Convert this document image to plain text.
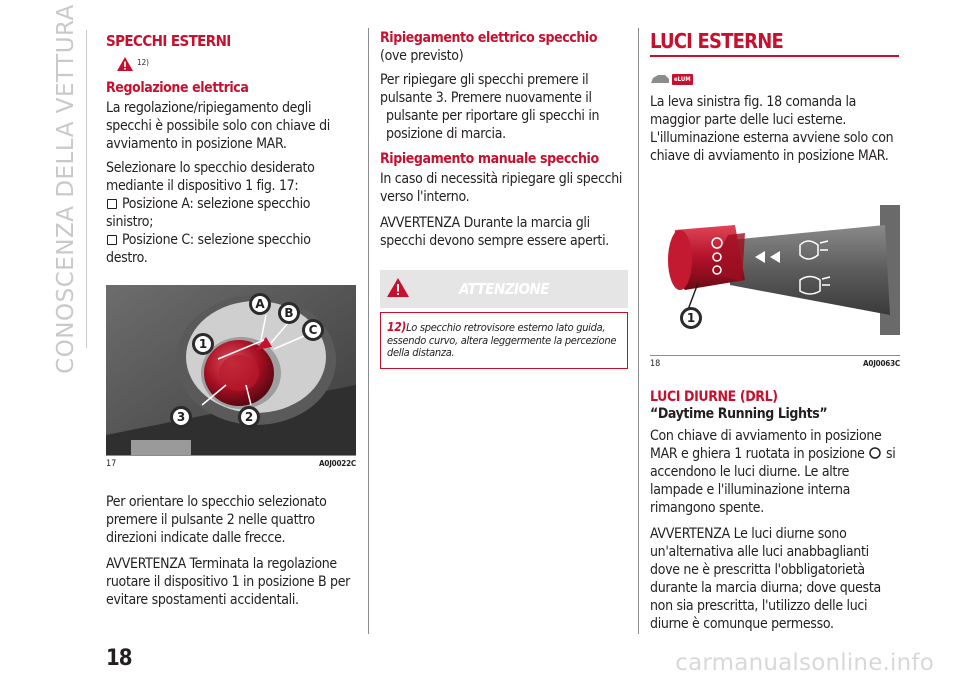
CONOSCENZA DELLA VETTURA SPECCHI ESTERNI
12)
Regolazione elettrica

La regolazione/ripiegamento degli specchi è possibile solo con chiave di avviamento in posizione MAR.

Selezionare lo specchio desiderato mediante il dispositivo 1 fig. 17:

Posizione A: selezione specchio
sinistro;
Posizione C: selezione specchio
destro.
A
B
C
1
2
3
17	A0J0022C

Per orientare lo specchio selezionato premere il pulsante 2 nelle quattro direzioni indicate dalle frecce.

AVVERTENZA Terminata la regolazione ruotare il dispositivo 1 in posizione B per evitare spostamenti accidentali.

Ripiegamento elettrico specchio

(ove previsto)

Per ripiegare gli specchi premere il pulsante 3. Premere nuovamente il

pulsante per riportare gli specchi in posizione di marcia.

Ripiegamento manuale specchio

In caso di necessità ripiegare gli specchi verso l'interno.

AVVERTENZA Durante la marcia gli specchi devono sempre essere aperti.

ATTENZIONE

12)Lo specchio retrovisore esterno lato guida, essendo curvo, altera leggermente la percezione della distanza.

LUCI ESTERNE
eLUM

La leva sinistra fig. 18 comanda la maggior parte delle luci esterne. L'illuminazione esterna avviene solo con chiave di avviamento in posizione MAR.

1
18	A0J0063C
LUCI DIURNE (DRL)
“Daytime Running Lights”

Con chiave di avviamento in posizione MAR e ghiera 1 ruotata in posizione si accendono le luci diurne. Le altre lampade e l'illuminazione interna rimangono spente.

AVVERTENZA Le luci diurne sono un'alternativa alle luci anabbaglianti dove ne è prescritta l'obbligatorietà durante la marcia diurna; dove questa non sia prescritta, l'utilizzo delle luci diurne è comunque permesso.

18	carmanualsonline.info
